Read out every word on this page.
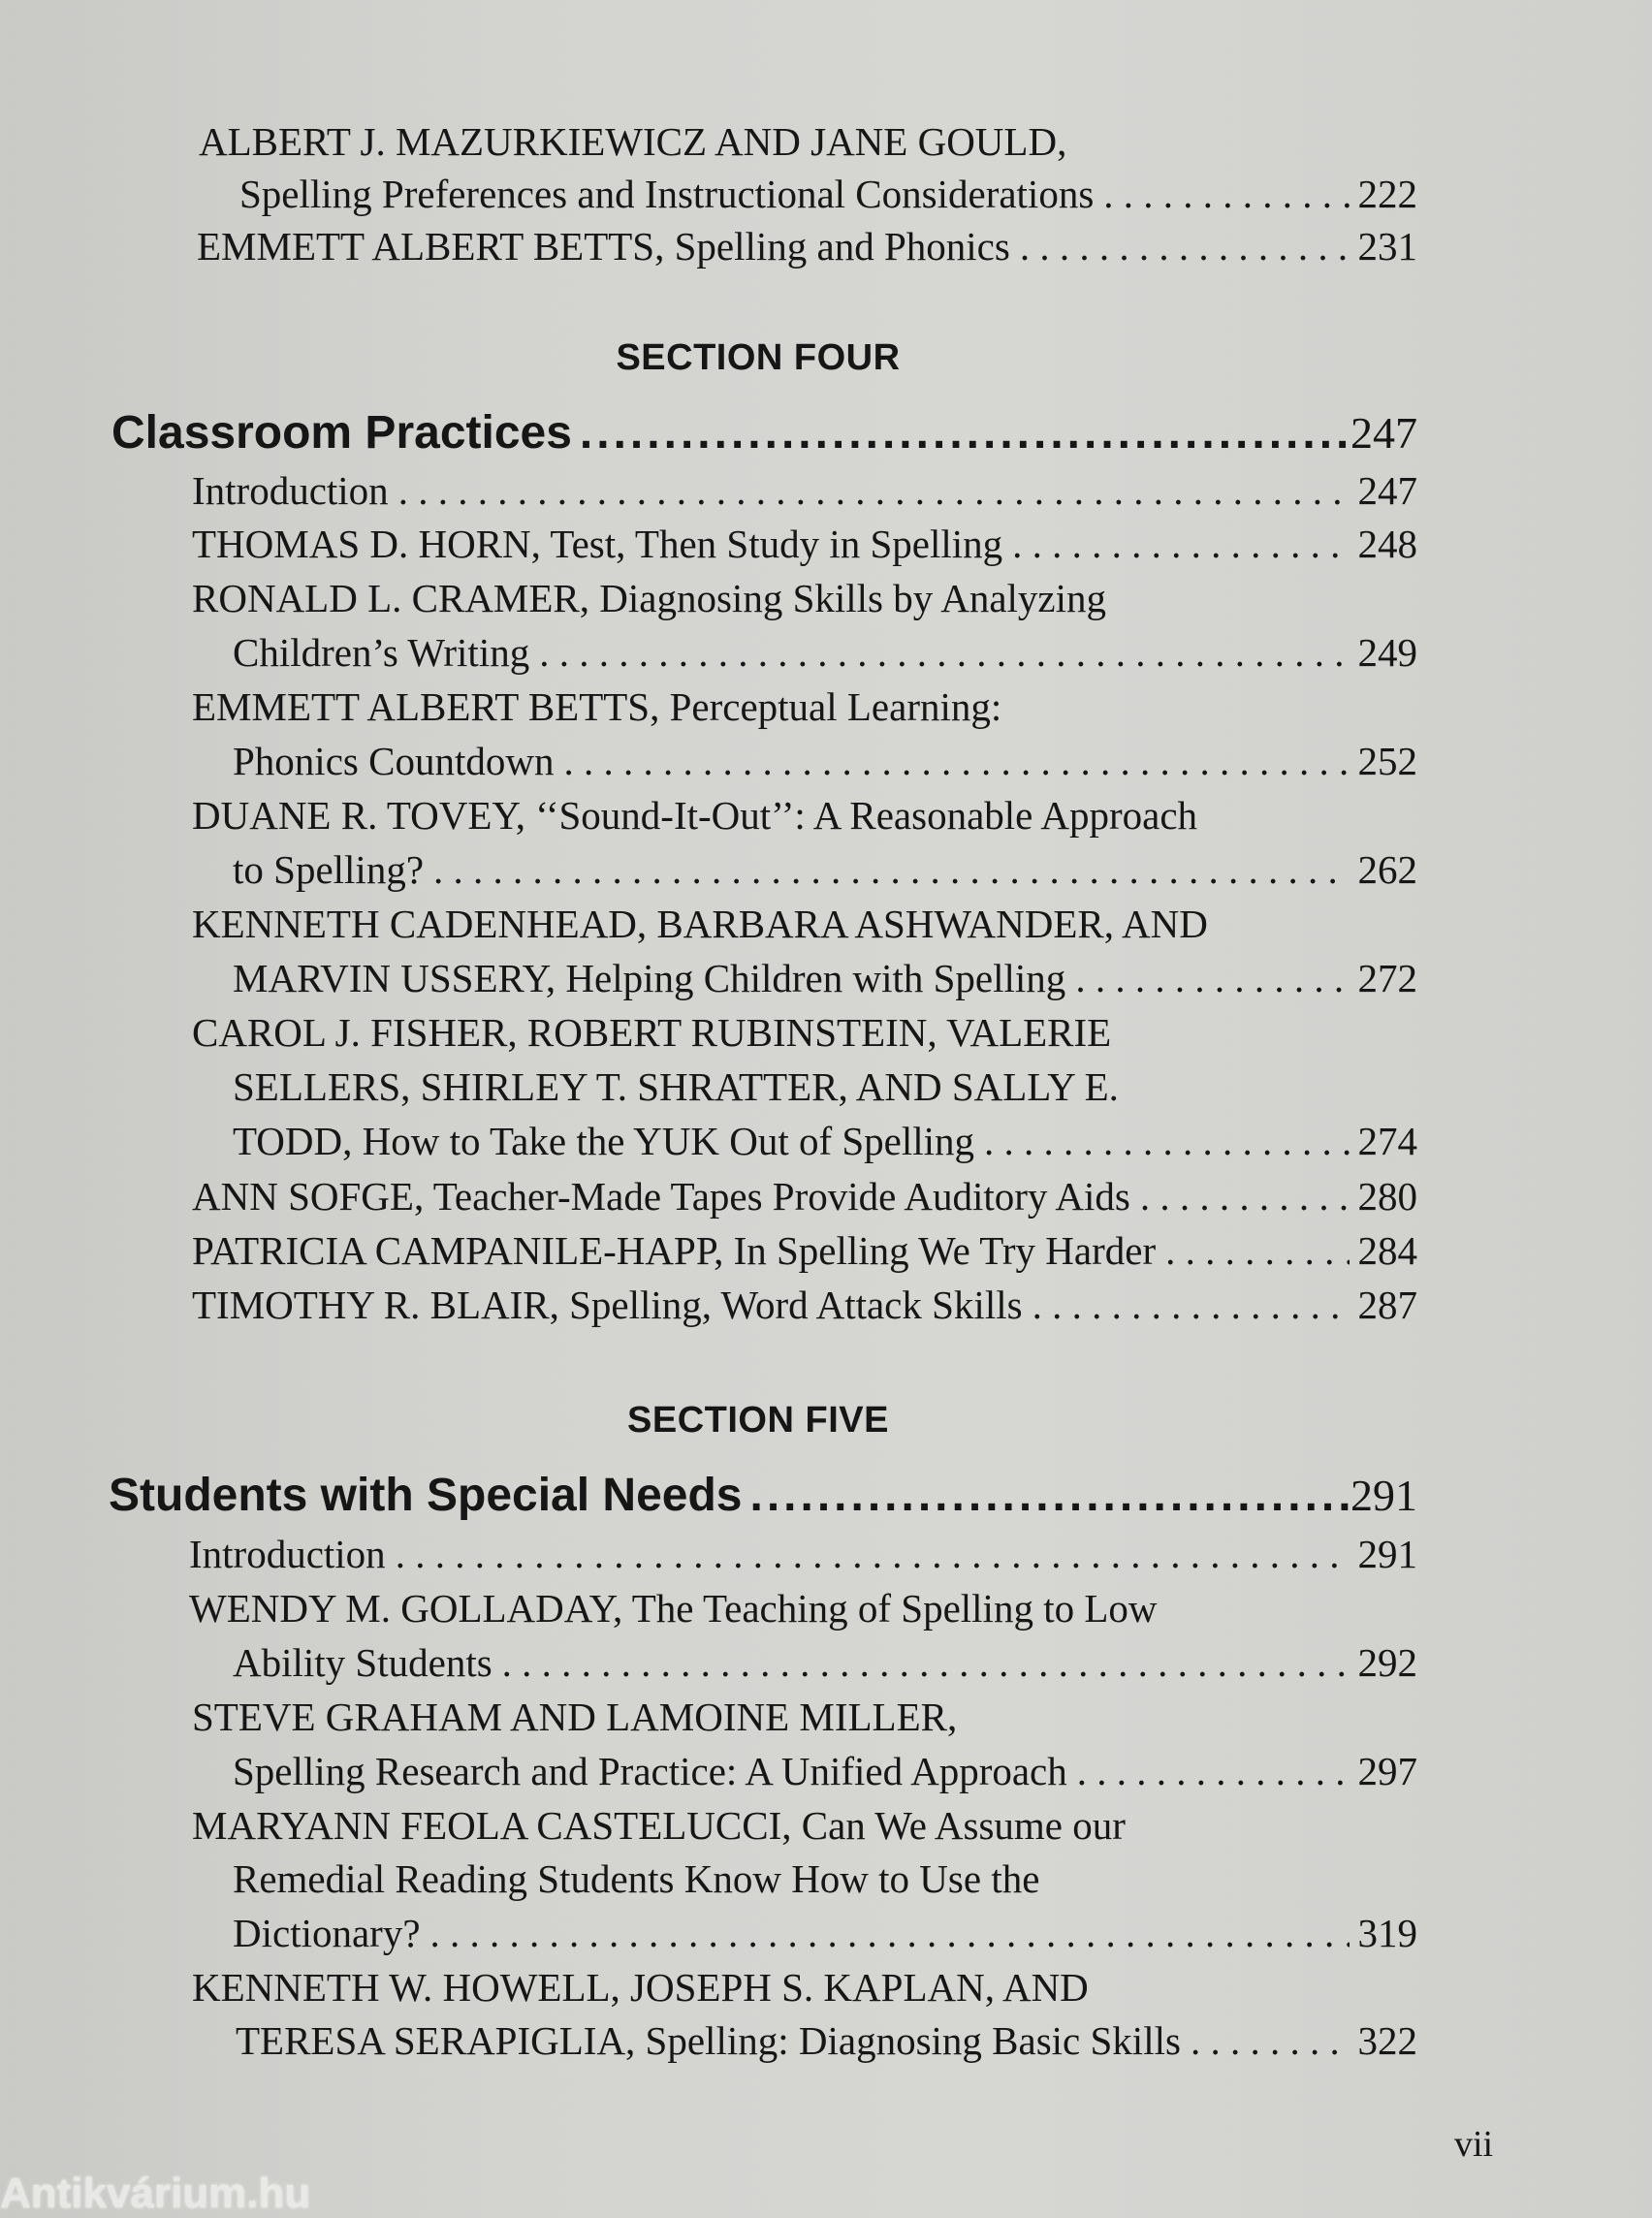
ALBERT J. MAZURKIEWICZ AND JANE GOULD,
Spelling Preferences and Instructional Considerations . . .	222
EMMETT ALBERT BETTS, Spelling and Phonics . . .	231
SECTION FOUR
Classroom Practices .....	247
Introduction . . .	247
THOMAS D. HORN, Test, Then Study in Spelling . . .	248
RONALD L. CRAMER, Diagnosing Skills by Analyzing
Children’s Writing . . .	249
EMMETT ALBERT BETTS, Perceptual Learning:
Phonics Countdown . . .	252
DUANE R. TOVEY, ‘‘Sound-It-Out’’: A Reasonable Approach
to Spelling? . . .	262
KENNETH CADENHEAD, BARBARA ASHWANDER, AND
MARVIN USSERY, Helping Children with Spelling . . .	272
CAROL J. FISHER, ROBERT RUBINSTEIN, VALERIE
SELLERS, SHIRLEY T. SHRATTER, AND SALLY E.
TODD, How to Take the YUK Out of Spelling . . .	274
ANN SOFGE, Teacher-Made Tapes Provide Auditory Aids . . .	280
PATRICIA CAMPANILE-HAPP, In Spelling We Try Harder . . .	284
TIMOTHY R. BLAIR, Spelling, Word Attack Skills . . .	287
SECTION FIVE
Students with Special Needs .....	291
Introduction . . .	291
WENDY M. GOLLADAY, The Teaching of Spelling to Low
Ability Students . . .	292
STEVE GRAHAM AND LAMOINE MILLER,
Spelling Research and Practice: A Unified Approach . . .	297
MARYANN FEOLA CASTELUCCI, Can We Assume our
Remedial Reading Students Know How to Use the
Dictionary? . . .	319
KENNETH W. HOWELL, JOSEPH S. KAPLAN, AND
TERESA SERAPIGLIA, Spelling: Diagnosing Basic Skills . . .	322
vii
Antikvárium.hu
